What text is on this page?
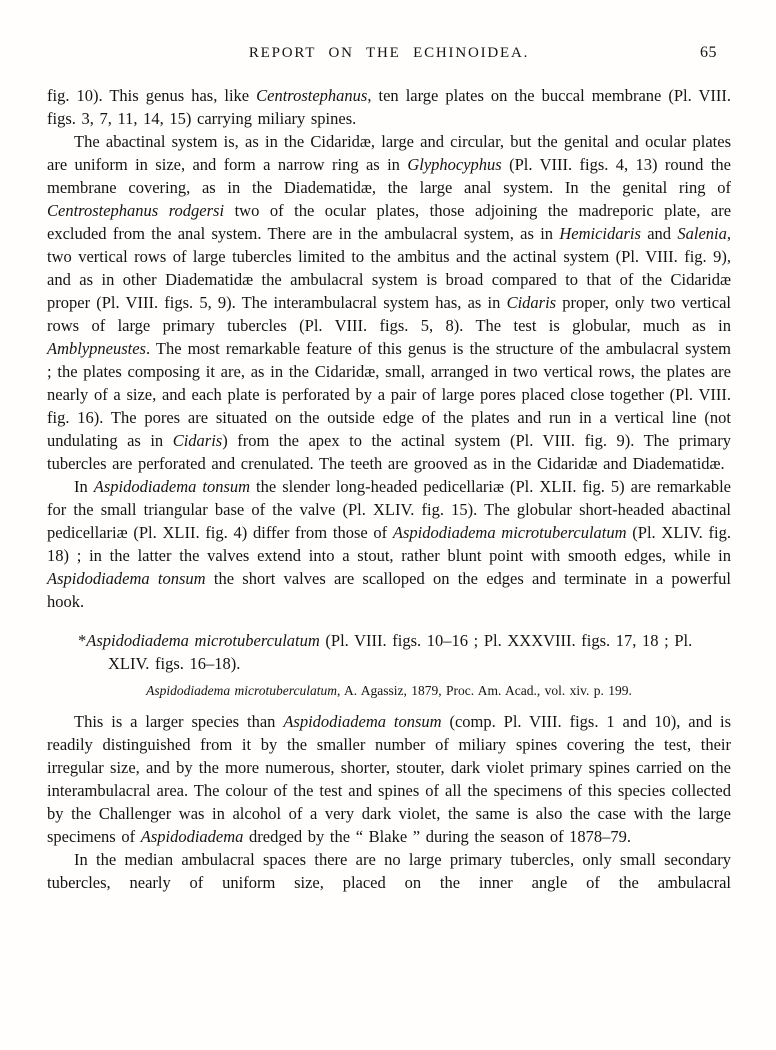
REPORT ON THE ECHINOIDEA.	65

fig. 10). This genus has, like Centrostephanus, ten large plates on the buccal membrane (Pl. VIII. figs. 3, 7, 11, 14, 15) carrying miliary spines.

The abactinal system is, as in the Cidaridæ, large and circular, but the genital and ocular plates are uniform in size, and form a narrow ring as in Glyphocyphus (Pl. VIII. figs. 4, 13) round the membrane covering, as in the Diadematidæ, the large anal system. In the genital ring of Centrostephanus rodgersi two of the ocular plates, those adjoining the madreporic plate, are excluded from the anal system. There are in the ambulacral system, as in Hemicidaris and Salenia, two vertical rows of large tubercles limited to the ambitus and the actinal system (Pl. VIII. fig. 9), and as in other Diadematidæ the ambulacral system is broad compared to that of the Cidaridæ proper (Pl. VIII. figs. 5, 9). The interambulacral system has, as in Cidaris proper, only two vertical rows of large primary tubercles (Pl. VIII. figs. 5, 8). The test is globular, much as in Amblypneustes. The most remarkable feature of this genus is the structure of the ambulacral system ; the plates composing it are, as in the Cidaridæ, small, arranged in two vertical rows, the plates are nearly of a size, and each plate is perforated by a pair of large pores placed close together (Pl. VIII. fig. 16). The pores are situated on the outside edge of the plates and run in a vertical line (not undulating as in Cidaris) from the apex to the actinal system (Pl. VIII. fig. 9). The primary tubercles are perforated and crenulated. The teeth are grooved as in the Cidaridæ and Diadematidæ.

In Aspidodiadema tonsum the slender long-headed pedicellariæ (Pl. XLII. fig. 5) are remarkable for the small triangular base of the valve (Pl. XLIV. fig. 15). The globular short-headed abactinal pedicellariæ (Pl. XLII. fig. 4) differ from those of Aspidodiadema microtuberculatum (Pl. XLIV. fig. 18) ; in the latter the valves extend into a stout, rather blunt point with smooth edges, while in Aspidodiadema tonsum the short valves are scalloped on the edges and terminate in a powerful hook.

*Aspidodiadema microtuberculatum (Pl. VIII. figs. 10–16 ; Pl. XXXVIII. figs. 17, 18 ; Pl. XLIV. figs. 16–18).

Aspidodiadema microtuberculatum, A. Agassiz, 1879, Proc. Am. Acad., vol. xiv. p. 199.

This is a larger species than Aspidodiadema tonsum (comp. Pl. VIII. figs. 1 and 10), and is readily distinguished from it by the smaller number of miliary spines covering the test, their irregular size, and by the more numerous, shorter, stouter, dark violet primary spines carried on the interambulacral area. The colour of the test and spines of all the specimens of this species collected by the Challenger was in alcohol of a very dark violet, the same is also the case with the large specimens of Aspidodiadema dredged by the “ Blake ” during the season of 1878–79.

In the median ambulacral spaces there are no large primary tubercles, only small secondary tubercles, nearly of uniform size, placed on the inner angle of the ambulacral
